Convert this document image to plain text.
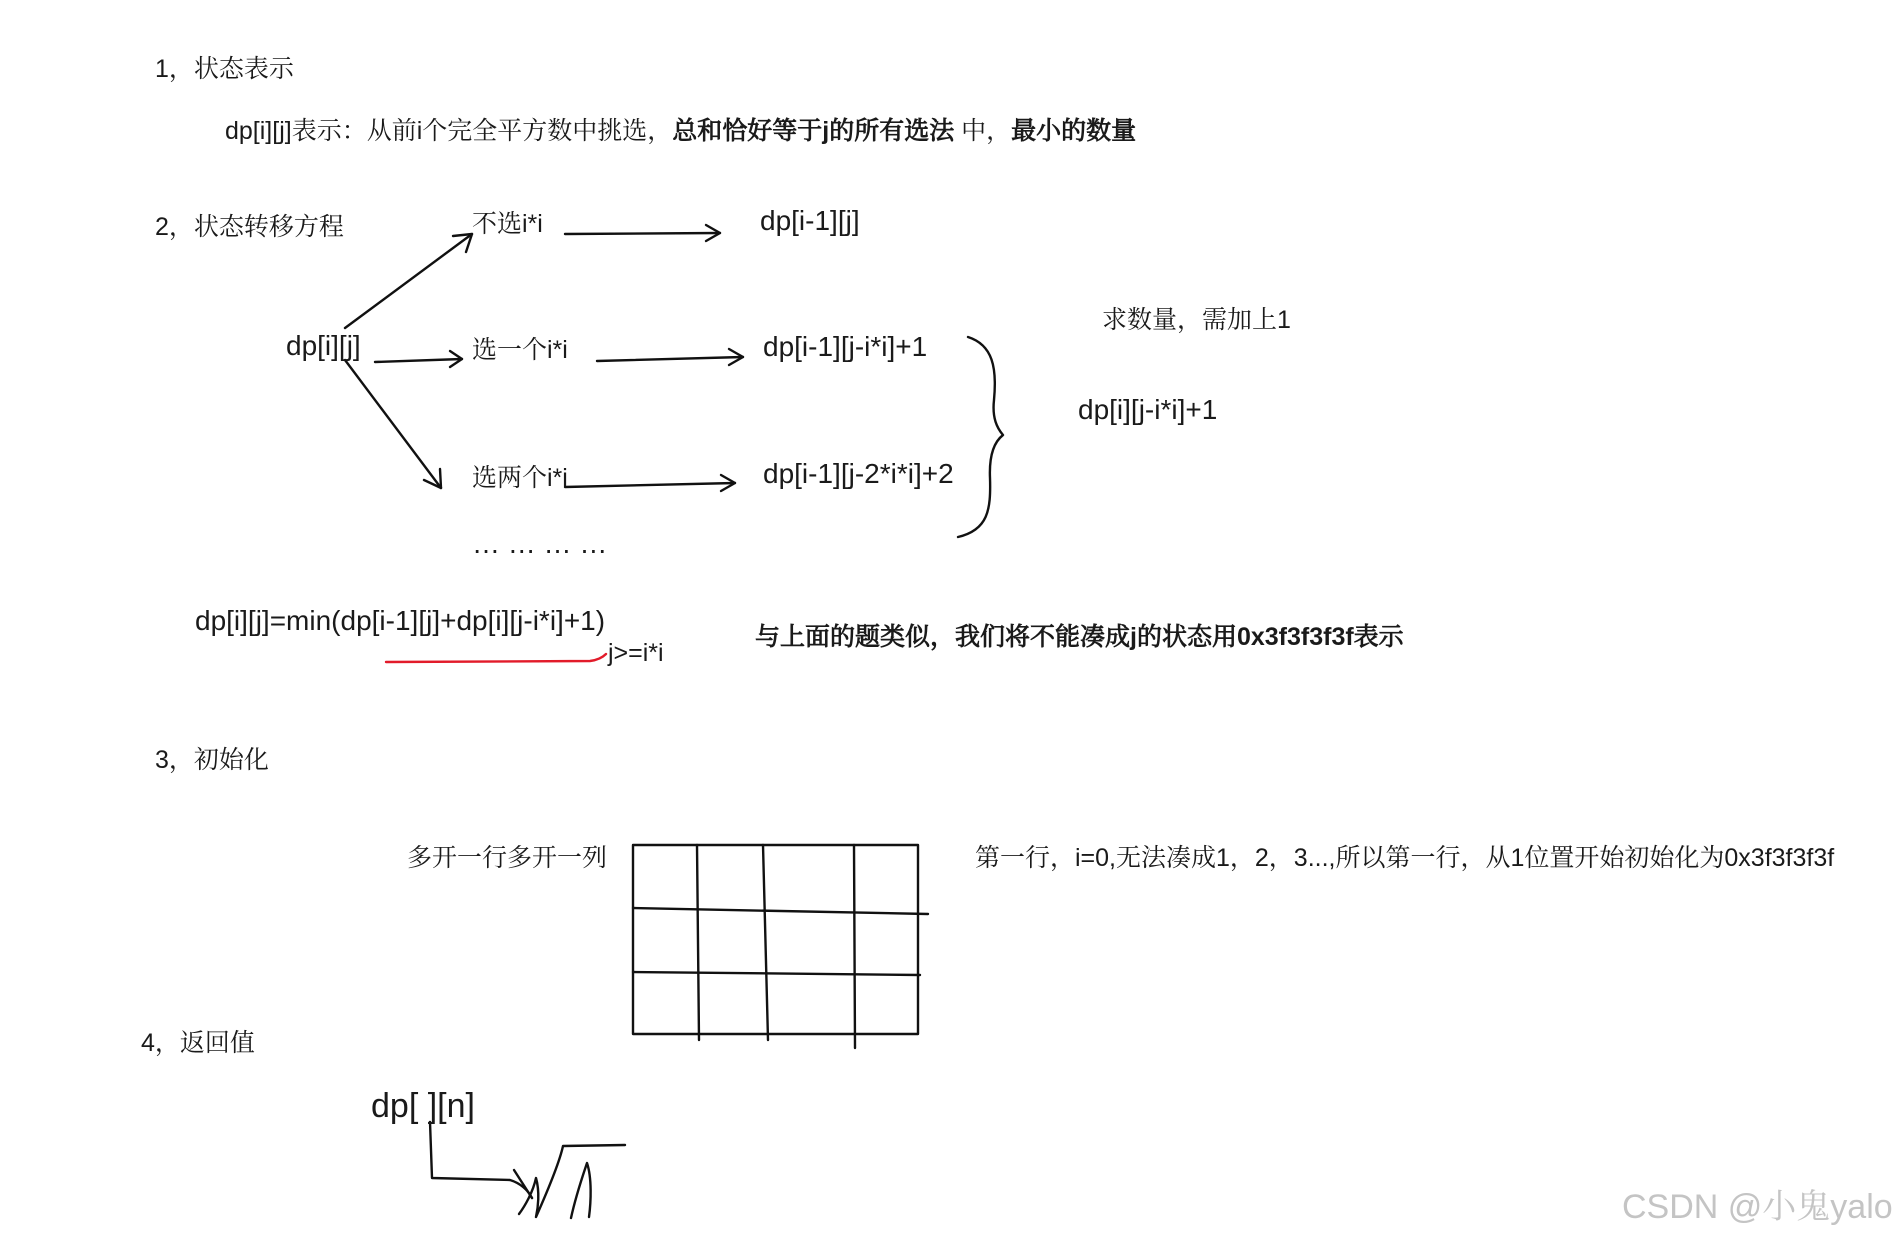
1，状态表示
dp[i][j]表示：从前i个完全平方数中挑选，总和恰好等于j的所有选法 中，最小的数量
2，状态转移方程
dp[i][j]
不选i*i	dp[i-1][j]
选一个i*i	dp[i-1][j-i*i]+1
选两个i*i	dp[i-1][j-2*i*i]+2
… … … …
求数量，需加上1
dp[i][j-i*i]+1
dp[i][j]=min(dp[i-1][j]+dp[i][j-i*i]+1)
j>=i*i
与上面的题类似，我们将不能凑成j的状态用0x3f3f3f3f表示
3，初始化
多开一行多开一列	第一行，i=0,无法凑成1，2，3...,所以第一行，从1位置开始初始化为0x3f3f3f3f
4，返回值
dp[ ][n]
CSDN @小鬼yalo
